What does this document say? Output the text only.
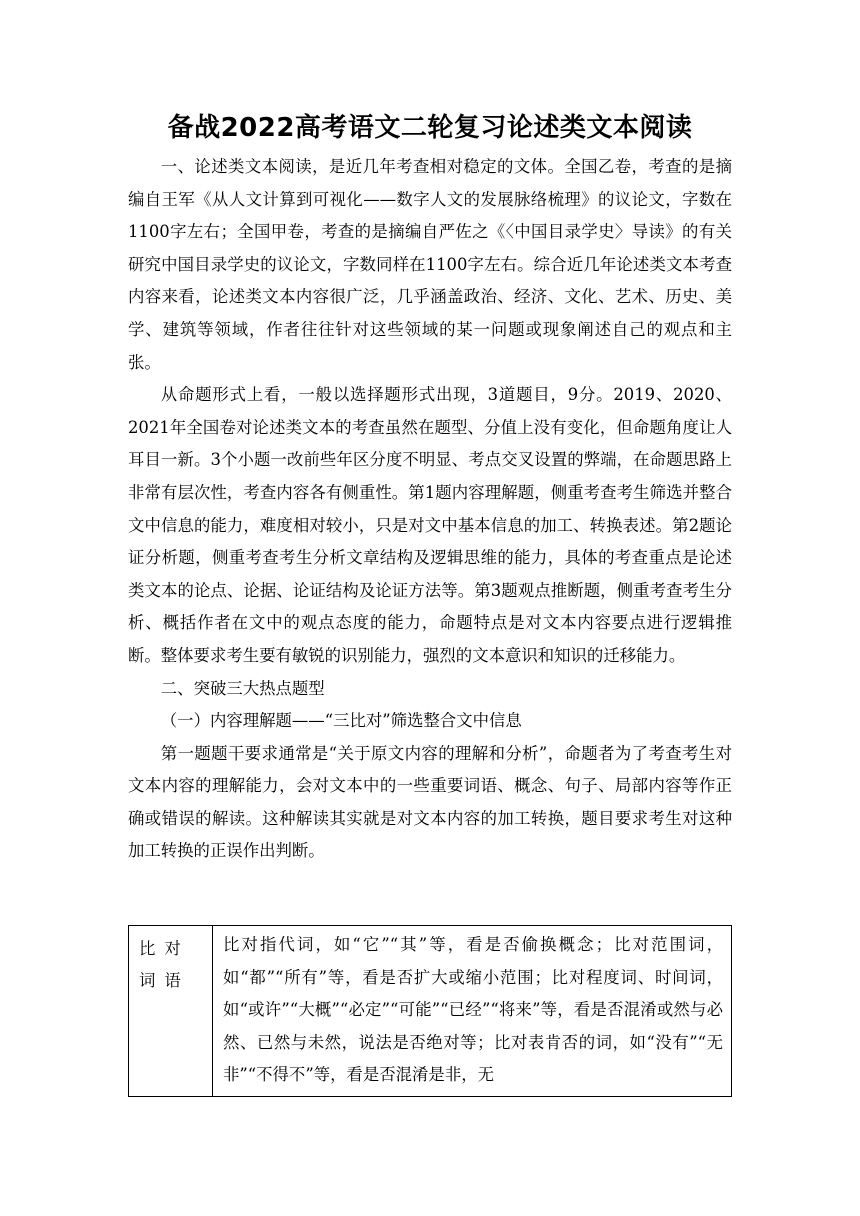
备战2022高考语文二轮复习论述类文本阅读

一、论述类文本阅读，是近几年考查相对稳定的文体。全国乙卷，考查的是摘编自王军《从人文计算到可视化——数字人文的发展脉络梳理》的议论文，字数在1100字左右；全国甲卷，考查的是摘编自严佐之《〈中国目录学史〉导读》的有关研究中国目录学史的议论文，字数同样在1100字左右。综合近几年论述类文本考查内容来看，论述类文本内容很广泛，几乎涵盖政治、经济、文化、艺术、历史、美学、建筑等领域，作者往往针对这些领域的某一问题或现象阐述自己的观点和主张。

从命题形式上看，一般以选择题形式出现，3道题目，9分。2019、2020、2021年全国卷对论述类文本的考查虽然在题型、分值上没有变化，但命题角度让人耳目一新。3个小题一改前些年区分度不明显、考点交叉设置的弊端，在命题思路上非常有层次性，考查内容各有侧重性。第1题内容理解题，侧重考查考生筛选并整合文中信息的能力，难度相对较小，只是对文中基本信息的加工、转换表述。第2题论证分析题，侧重考查考生分析文章结构及逻辑思维的能力，具体的考查重点是论述类文本的论点、论据、论证结构及论证方法等。第3题观点推断题，侧重考查考生分析、概括作者在文中的观点态度的能力，命题特点是对文本内容要点进行逻辑推断。整体要求考生要有敏锐的识别能力，强烈的文本意识和知识的迁移能力。

二、突破三大热点题型

（一）内容理解题——“三比对”筛选整合文中信息

第一题题干要求通常是“关于原文内容的理解和分析”，命题者为了考查考生对文本内容的理解能力，会对文本中的一些重要词语、概念、句子、局部内容等作正确或错误的解读。这种解读其实就是对文本内容的加工转换，题目要求考生对这种加工转换的正误作出判断。

比对词语
比对指代词，如“它”“其”等，看是否偷换概念；比对范围词，如“都”“所有”等，看是否扩大或缩小范围；比对程度词、时间词，如“或许”“大概”“必定”“可能”“已经”“将来”等，看是否混淆或然与必然、已然与未然，说法是否绝对等；比对表肯否的词，如“没有”“无非”“不得不”等，看是否混淆是非，无
